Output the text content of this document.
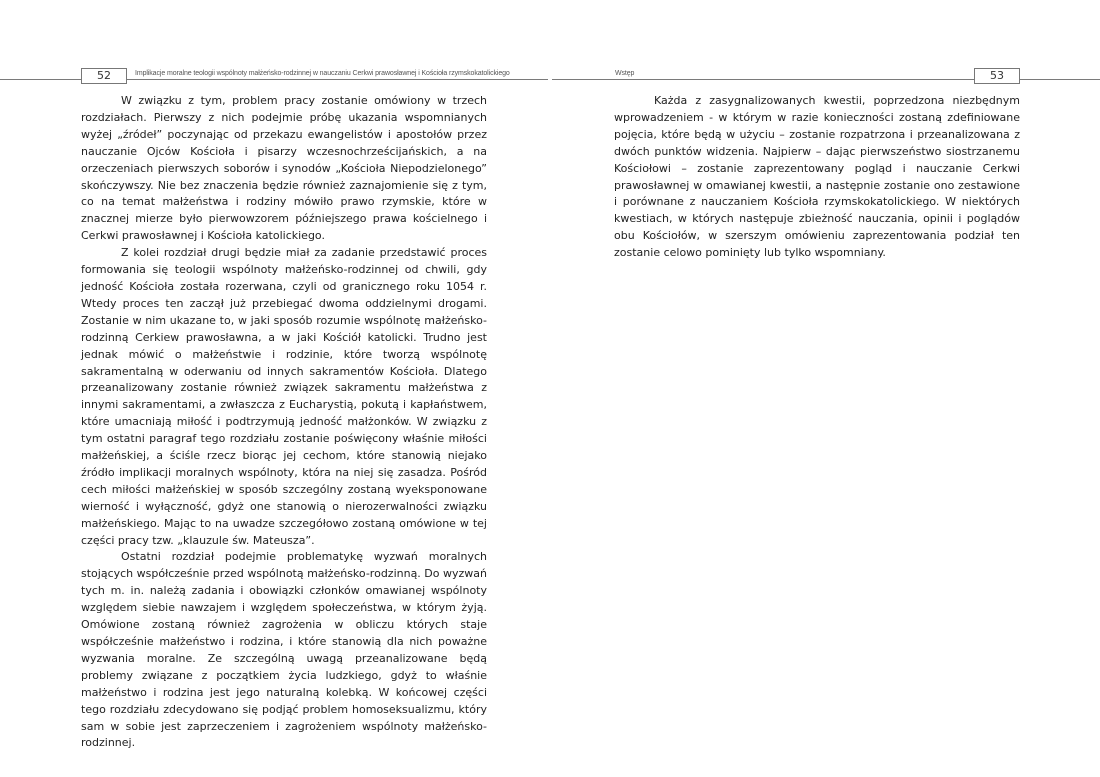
52	Implikacje moralne teologii wspólnoty małżeńsko-rodzinnej w nauczaniu Cerkwi prawosławnej i Kościoła rzymskokatolickiego	Wstęp	53

W związku z tym, problem pracy zostanie omówiony w trzech rozdziałach. Pierwszy z nich podejmie próbę ukazania wspomnianych wyżej „źródeł” poczynając od przekazu ewangelistów i apostołów przez nauczanie Ojców Kościoła i pisarzy wczesnochrześcijańskich, a na orzeczeniach pierwszych soborów i synodów „Kościoła Niepodzielonego” skończywszy. Nie bez znaczenia będzie również zaznajomienie się z tym, co na temat małżeństwa i rodziny mówiło prawo rzymskie, które w znacznej mierze było pierwowzorem późniejszego prawa kościelnego i Cerkwi prawosławnej i Kościoła katolickiego.

Z kolei rozdział drugi będzie miał za zadanie przedstawić proces formowania się teologii wspólnoty małżeńsko-rodzinnej od chwili, gdy jedność Kościoła została rozerwana, czyli od granicznego roku 1054 r. Wtedy proces ten zaczął już przebiegać dwoma oddzielnymi drogami. Zostanie w nim ukazane to, w jaki sposób rozumie wspólnotę małżeńsko-rodzinną Cerkiew prawosławna, a w jaki Kościół katolicki. Trudno jest jednak mówić o małżeństwie i rodzinie, które tworzą wspólnotę sakramentalną w oderwaniu od innych sakramentów Kościoła. Dlatego przeanalizowany zostanie również związek sakramentu małżeństwa z innymi sakramentami, a zwłaszcza z Eucharystią, pokutą i kapłaństwem, które umacniają miłość i podtrzymują jedność małżonków. W związku z tym ostatni paragraf tego rozdziału zostanie poświęcony właśnie miłości małżeńskiej, a ściśle rzecz biorąc jej cechom, które stanowią niejako źródło implikacji moralnych wspólnoty, która na niej się zasadza. Pośród cech miłości małżeńskiej w sposób szczególny zostaną wyeksponowane wierność i wyłączność, gdyż one stanowią o nierozerwalności związku małżeńskiego. Mając to na uwadze szczegółowo zostaną omówione w tej części pracy tzw. „klauzule św. Mateusza”.

Ostatni rozdział podejmie problematykę wyzwań moralnych stojących współcześnie przed wspólnotą małżeńsko-rodzinną. Do wyzwań tych m. in. należą zadania i obowiązki członków omawianej wspólnoty względem siebie nawzajem i względem społeczeństwa, w którym żyją. Omówione zostaną również zagrożenia w obliczu których staje współcześnie małżeństwo i rodzina, i które stanowią dla nich poważne wyzwania moralne. Ze szczególną uwagą przeanalizowane będą problemy związane z początkiem życia ludzkiego, gdyż to właśnie małżeństwo i rodzina jest jego naturalną kolebką. W końcowej części tego rozdziału zdecydowano się podjąć problem homoseksualizmu, który sam w sobie jest zaprzeczeniem i zagrożeniem wspólnoty małżeńsko-rodzinnej.

Każda z zasygnalizowanych kwestii, poprzedzona niezbędnym wprowadzeniem - w którym w razie konieczności zostaną zdefiniowane pojęcia, które będą w użyciu – zostanie rozpatrzona i przeanalizowana z dwóch punktów widzenia. Najpierw – dając pierwszeństwo siostrzanemu Kościołowi – zostanie zaprezentowany pogląd i nauczanie Cerkwi prawosławnej w omawianej kwestii, a następnie zostanie ono zestawione i porównane z nauczaniem Kościoła rzymskokatolickiego. W niektórych kwestiach, w których następuje zbieżność nauczania, opinii i poglądów obu Kościołów, w szerszym omówieniu zaprezentowania podział ten zostanie celowo pominięty lub tylko wspomniany.
